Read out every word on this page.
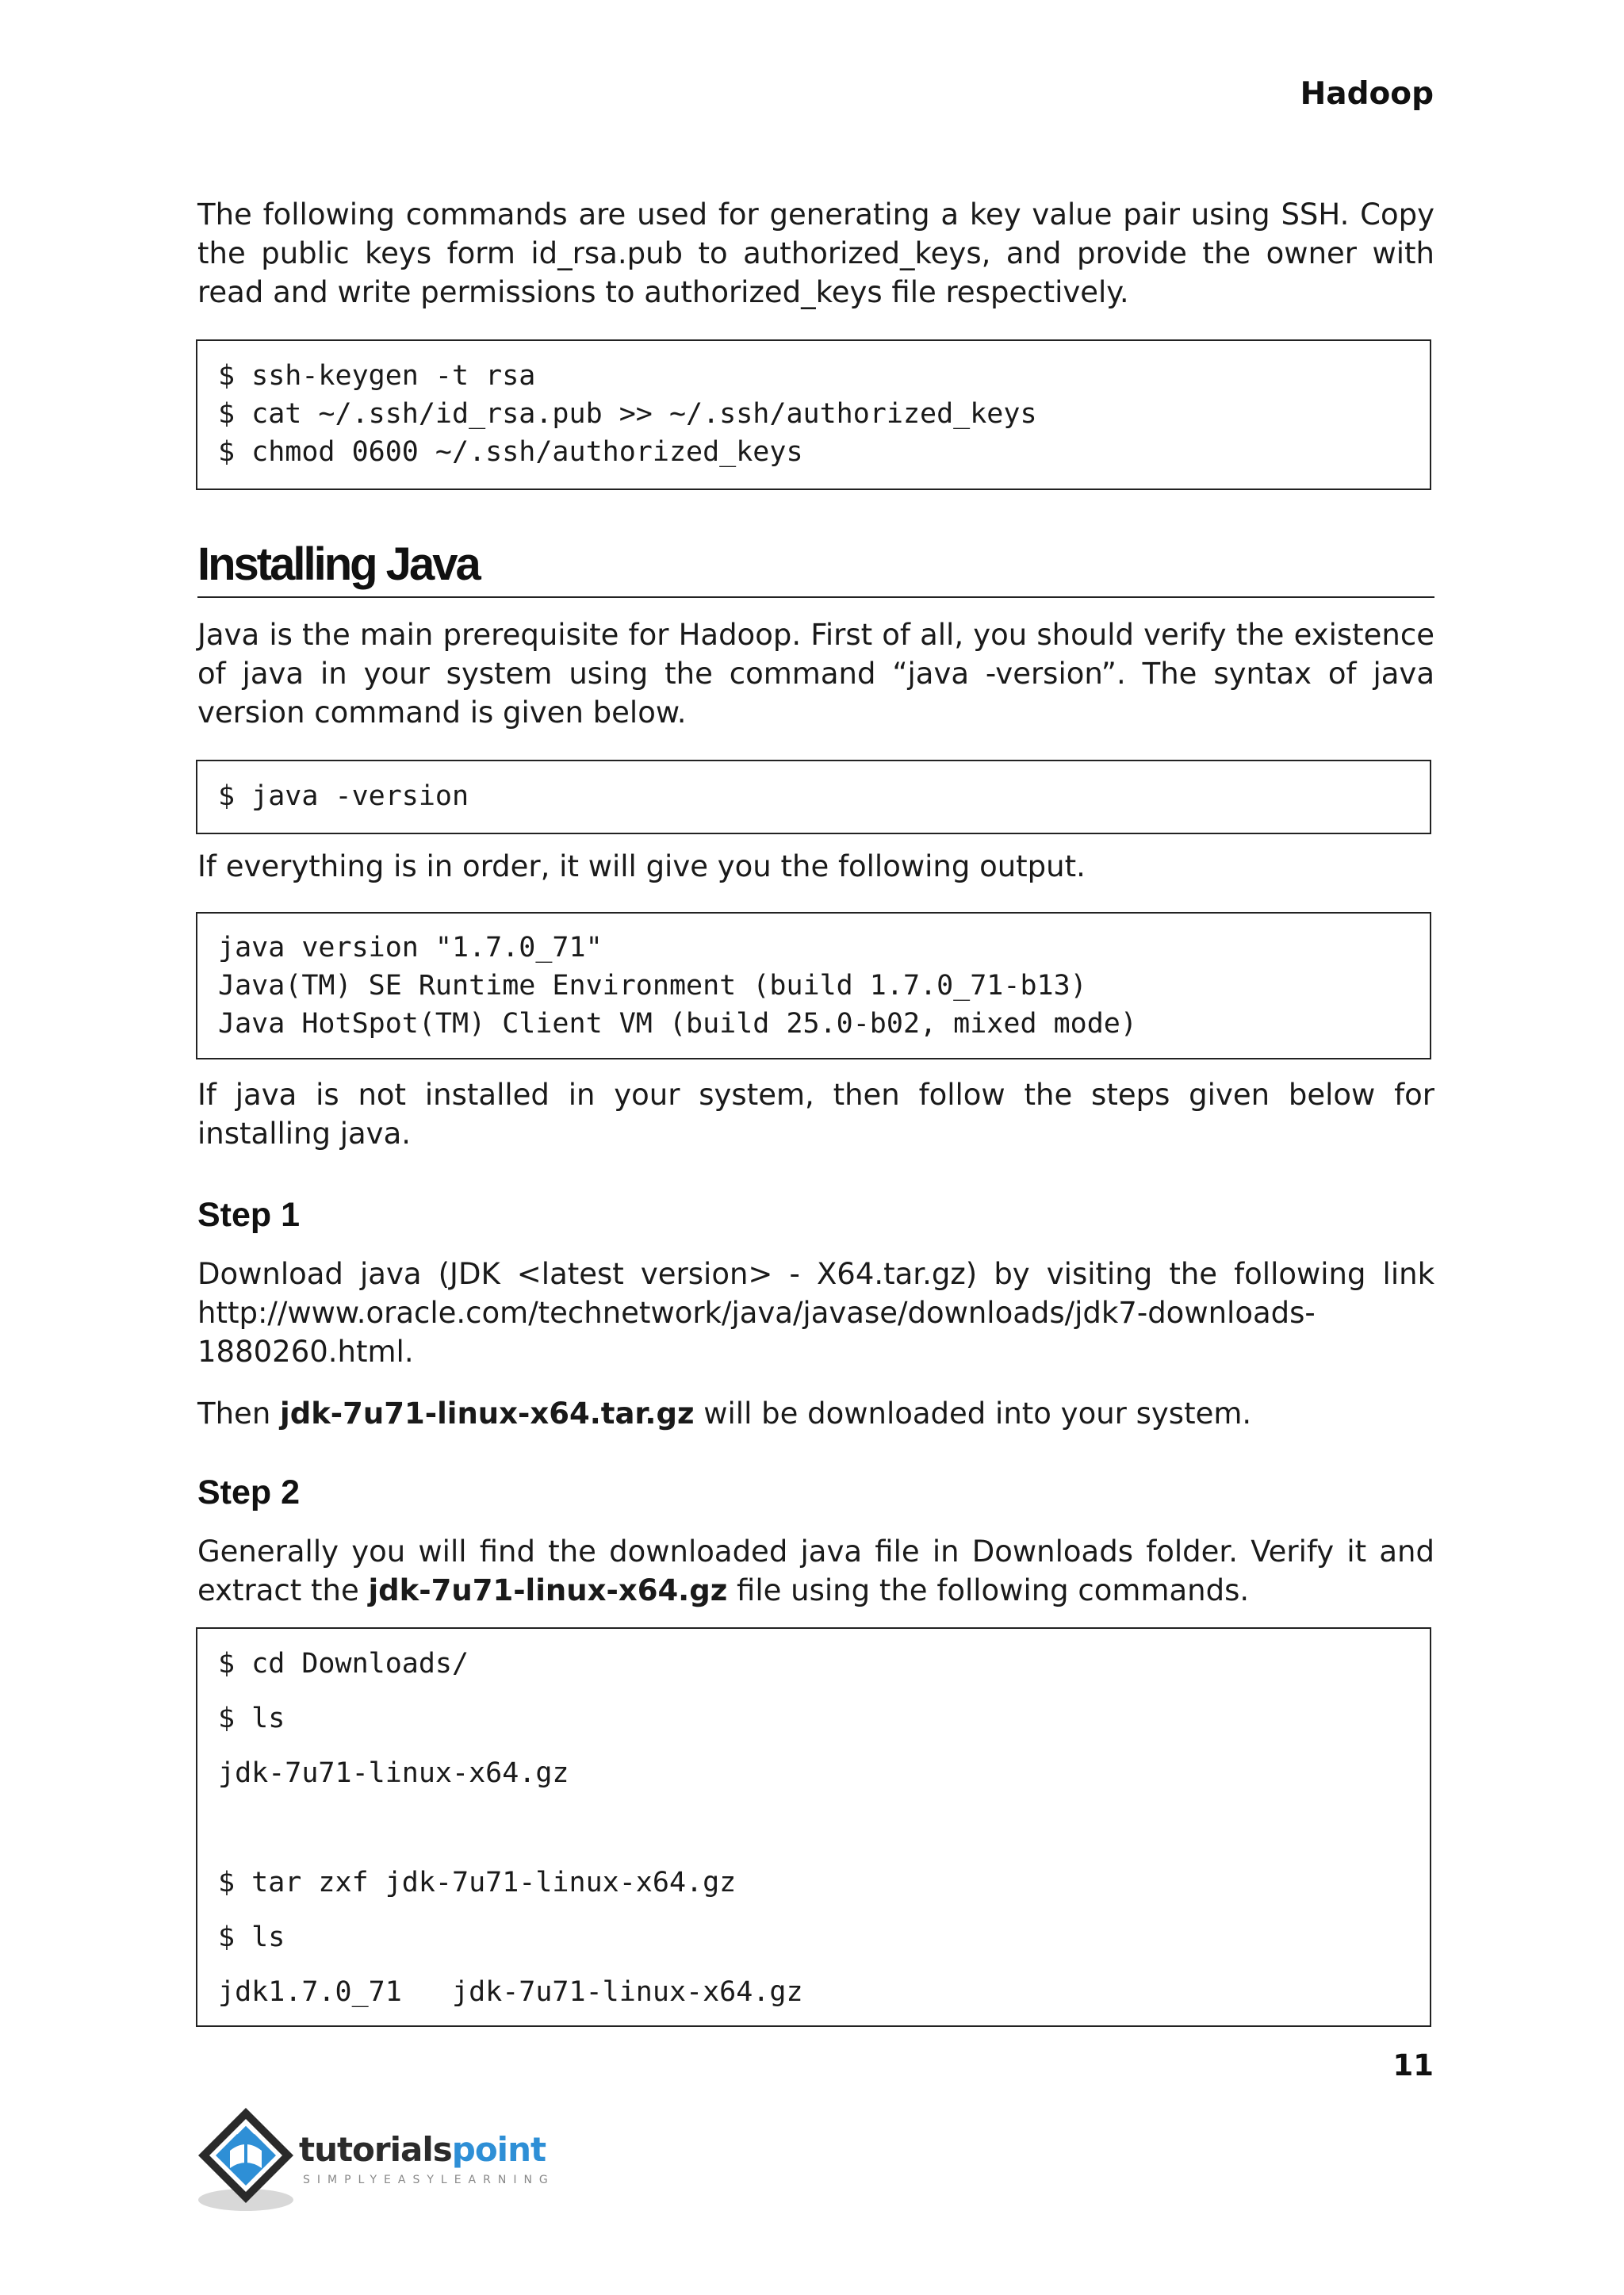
Hadoop

The following commands are used for generating a key value pair using SSH. Copy the public keys form id_rsa.pub to authorized_keys, and provide the owner with read and write permissions to authorized_keys file respectively.

$ ssh-keygen -t rsa
$ cat ~/.ssh/id_rsa.pub >> ~/.ssh/authorized_keys
$ chmod 0600 ~/.ssh/authorized_keys
Installing Java

Java is the main prerequisite for Hadoop. First of all, you should verify the existence of java in your system using the command “java -version”. The syntax of java version command is given below.

$ java -version

If everything is in order, it will give you the following output.

java version "1.7.0_71"
Java(TM) SE Runtime Environment (build 1.7.0_71-b13)
Java HotSpot(TM) Client VM (build 25.0-b02, mixed mode)

If java is not installed in your system, then follow the steps given below for installing java.

Step 1

Download java (JDK <latest version> - X64.tar.gz) by visiting the following link http://www.oracle.com/technetwork/java/javase/downloads/jdk7-downloads-1880260.html.

Then jdk-7u71-linux-x64.tar.gz will be downloaded into your system.

Step 2

Generally you will find the downloaded java file in Downloads folder. Verify it and extract the jdk-7u71-linux-x64.gz file using the following commands.

$ cd Downloads/
$ ls
jdk-7u71-linux-x64.gz
$ tar zxf jdk-7u71-linux-x64.gz
$ ls
jdk1.7.0_71   jdk-7u71-linux-x64.gz
11
tutorialspoint
SIMPLYEASYLEARNING
